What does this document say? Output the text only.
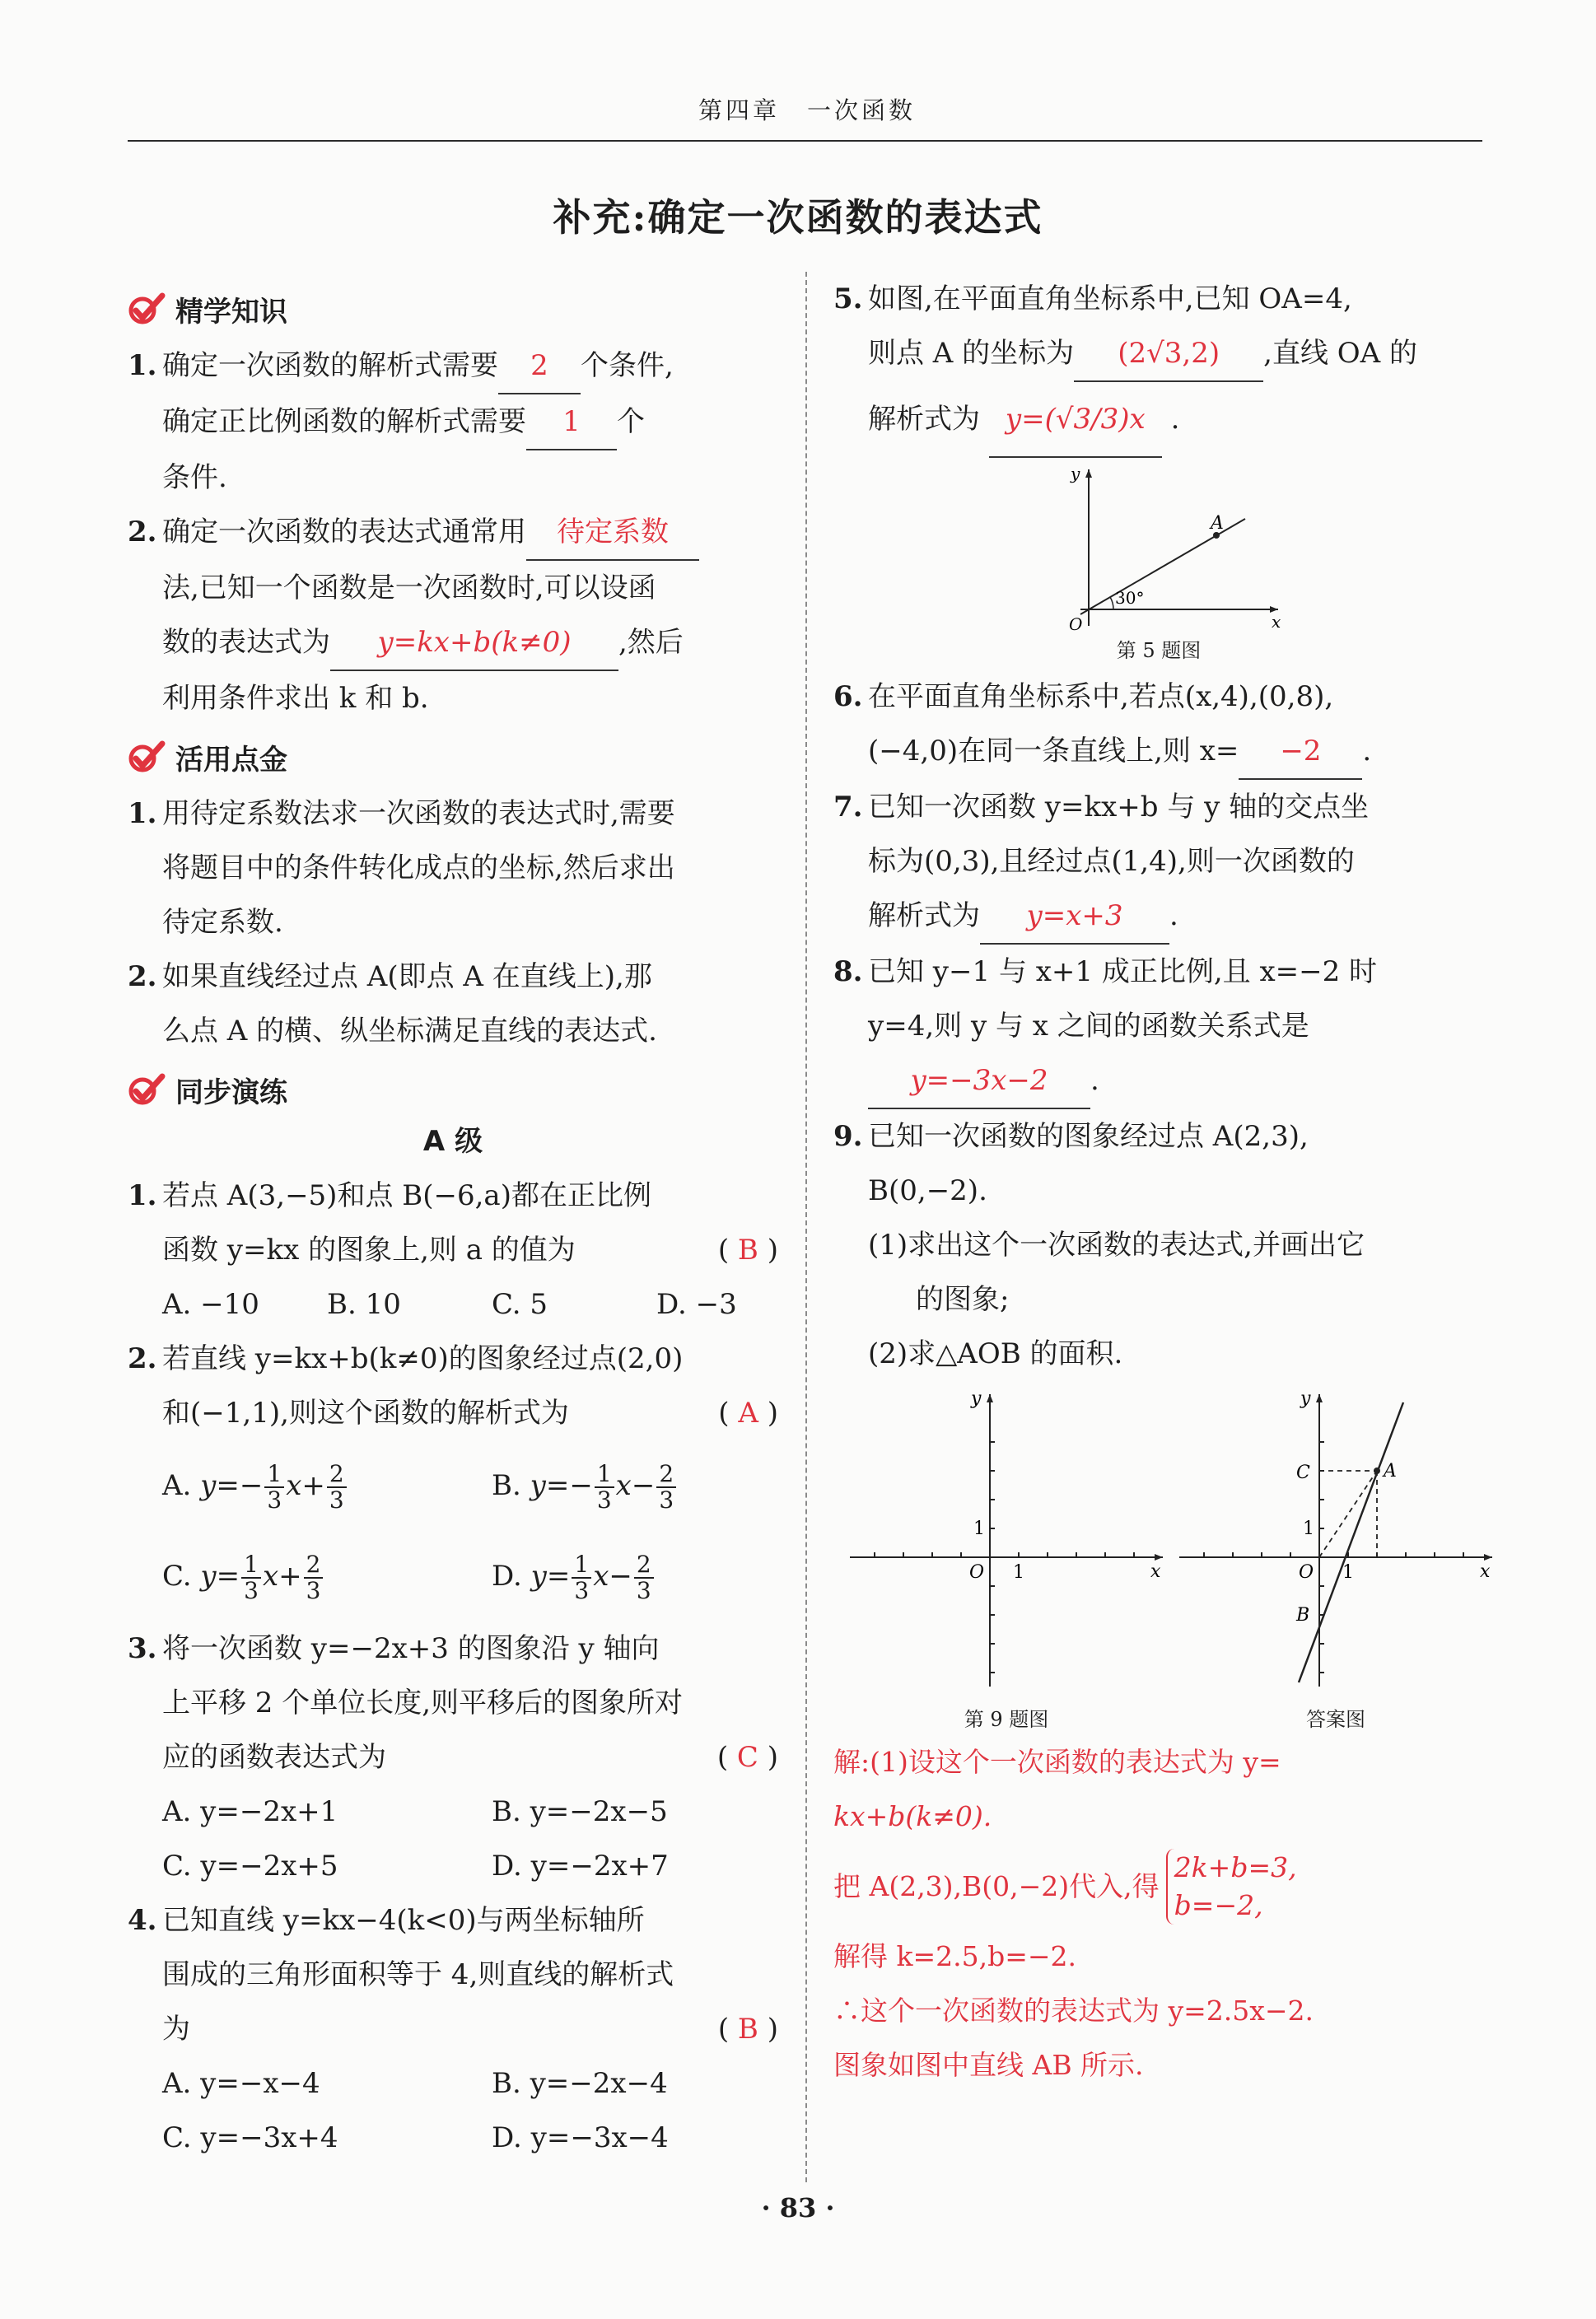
第四章　一次函数
补充:确定一次函数的表达式
精学知识
1. 确定一次函数的解析式需要 2 个条件,
确定正比例函数的解析式需要 1 个
条件.
2. 确定一次函数的表达式通常用 待定系数
法,已知一个函数是一次函数时,可以设函
数的表达式为 y=kx+b(k≠0) ,然后
利用条件求出 k 和 b.
活用点金
1. 用待定系数法求一次函数的表达式时,需要
将题目中的条件转化成点的坐标,然后求出
待定系数.
2. 如果直线经过点 A(即点 A 在直线上),那
么点 A 的横、纵坐标满足直线的表达式.
同步演练
A 级
1. 若点 A(3,−5)和点 B(−6,a)都在正比例
函数 y=kx 的图象上,则 a 的值为	( B )
A. −10 B. 10	C. 5	D. −3
2. 若直线 y=kx+b(k≠0)的图象经过点(2,0)
和(−1,1),则这个函数的解析式为	( A )
A. $y=- \frac{1}{3} x+ \frac{2}{3}$	B. $y=- \frac{1}{3} x- \frac{2}{3}$
C. $y= \frac{1}{3} x+ \frac{2}{3}$	D. $y= \frac{1}{3} x- \frac{2}{3}$
3. 将一次函数 y=−2x+3 的图象沿 y 轴向
上平移 2 个单位长度,则平移后的图象所对
应的函数表达式为	( C )
A. y=−2x+1	B. y=−2x−5
C. y=−2x+5	D. y=−2x+7
4. 已知直线 y=kx−4(k<0)与两坐标轴所
围成的三角形面积等于 4,则直线的解析式
为	( B )
A. y=−x−4	B. y=−2x−4
C. y=−3x+4	D. y=−3x−4
5. 如图,在平面直角坐标系中,已知 OA=4,
则点 A 的坐标为 (2√3,2) ,直线 OA 的
解析式为 y=(√3/3)x .
A
30°
O	x
y
第 5 题图
6. 在平面直角坐标系中,若点(x,4),(0,8),
(−4,0)在同一条直线上,则 x= −2 .
7. 已知一次函数 y=kx+b 与 y 轴的交点坐
标为(0,3),且经过点(1,4),则一次函数的
解析式为 y=x+3 .
8. 已知 y−1 与 x+1 成正比例,且 x=−2 时
y=4,则 y 与 x 之间的函数关系式是
y=−3x−2 .
9. 已知一次函数的图象经过点 A(2,3),
B(0,−2).
(1)求出这个一次函数的表达式,并画出它
的图象;
(2)求△AOB 的面积.
O 1
1
x
y
A
C
B
O 1
1
x
y
第 9 题图	答案图
解:(1)设这个一次函数的表达式为 y=
kx+b(k≠0).
把 A(2,3),B(0,−2)代入,得
2k+b=3,
b=−2,
解得 k=2.5,b=−2.
∴这个一次函数的表达式为 y=2.5x−2.
图象如图中直线 AB 所示.
· 83 ·
